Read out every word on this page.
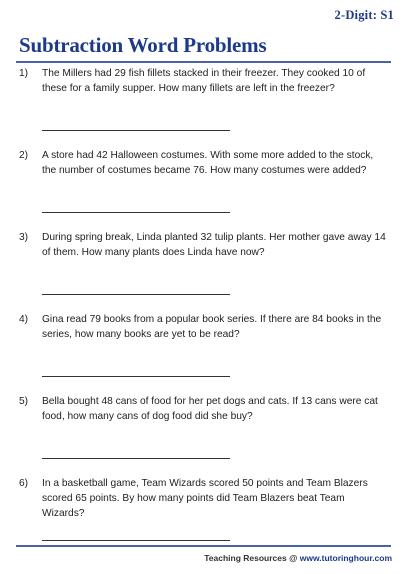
2-Digit: S1
Subtraction Word Problems
1) The Millers had 29 fish fillets stacked in their freezer. They cooked 10 of these for a family supper. How many fillets are left in the freezer?
2) A store had 42 Halloween costumes. With some more added to the stock, the number of costumes became 76. How many costumes were added?
3) During spring break, Linda planted 32 tulip plants. Her mother gave away 14 of them. How many plants does Linda have now?
4) Gina read 79 books from a popular book series. If there are 84 books in the series, how many books are yet to be read?
5) Bella bought 48 cans of food for her pet dogs and cats. If 13 cans were cat food, how many cans of dog food did she buy?
6) In a basketball game, Team Wizards scored 50 points and Team Blazers scored 65 points. By how many points did Team Blazers beat Team Wizards?
Teaching Resources @ www.tutoringhour.com
